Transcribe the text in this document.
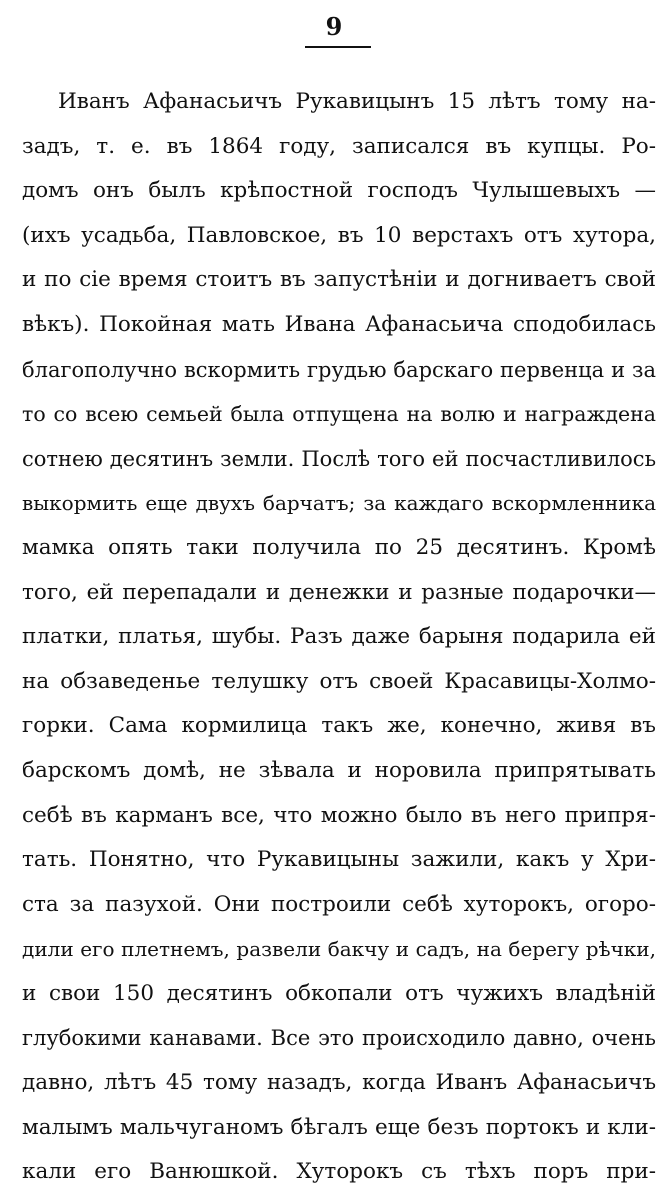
9
Иванъ Афанасьичъ Рукавицынъ 15 лѣтъ тому на-
задъ, т. е. въ 1864 году, записался въ купцы. Ро-
домъ онъ былъ крѣпостной господъ Чулышевыхъ —
(ихъ усадьба, Павловское, въ 10 верстахъ отъ хутора,
и по сіе время стоитъ въ запустѣніи и догниваетъ свой
вѣкъ). Покойная мать Ивана Афанасьича сподобилась
благополучно вскормить грудью барскаго первенца и за
то со всею семьей была отпущена на волю и награждена
сотнею десятинъ земли. Послѣ того ей посчастливилось
выкормить еще двухъ барчатъ; за каждаго вскормленника
мамка опять таки получила по 25 десятинъ. Кромѣ
того, ей перепадали и денежки и разные подарочки—
платки, платья, шубы. Разъ даже барыня подарила ей
на обзаведенье телушку отъ своей Красавицы-Холмо-
горки. Сама кормилица такъ же, конечно, живя въ
барскомъ домѣ, не зѣвала и норовила припрятывать
себѣ въ карманъ все, что можно было въ него припря-
тать. Понятно, что Рукавицыны зажили, какъ у Хри-
ста за пазухой. Они построили себѣ хуторокъ, огоро-
дили его плетнемъ, развели бакчу и садъ, на берегу рѣчки,
и свои 150 десятинъ обкопали отъ чужихъ владѣній
глубокими канавами. Все это происходило давно, очень
давно, лѣтъ 45 тому назадъ, когда Иванъ Афанасьичъ
малымъ мальчуганомъ бѣгалъ еще безъ портокъ и кли-
кали его Ванюшкой. Хуторокъ съ тѣхъ поръ при-
